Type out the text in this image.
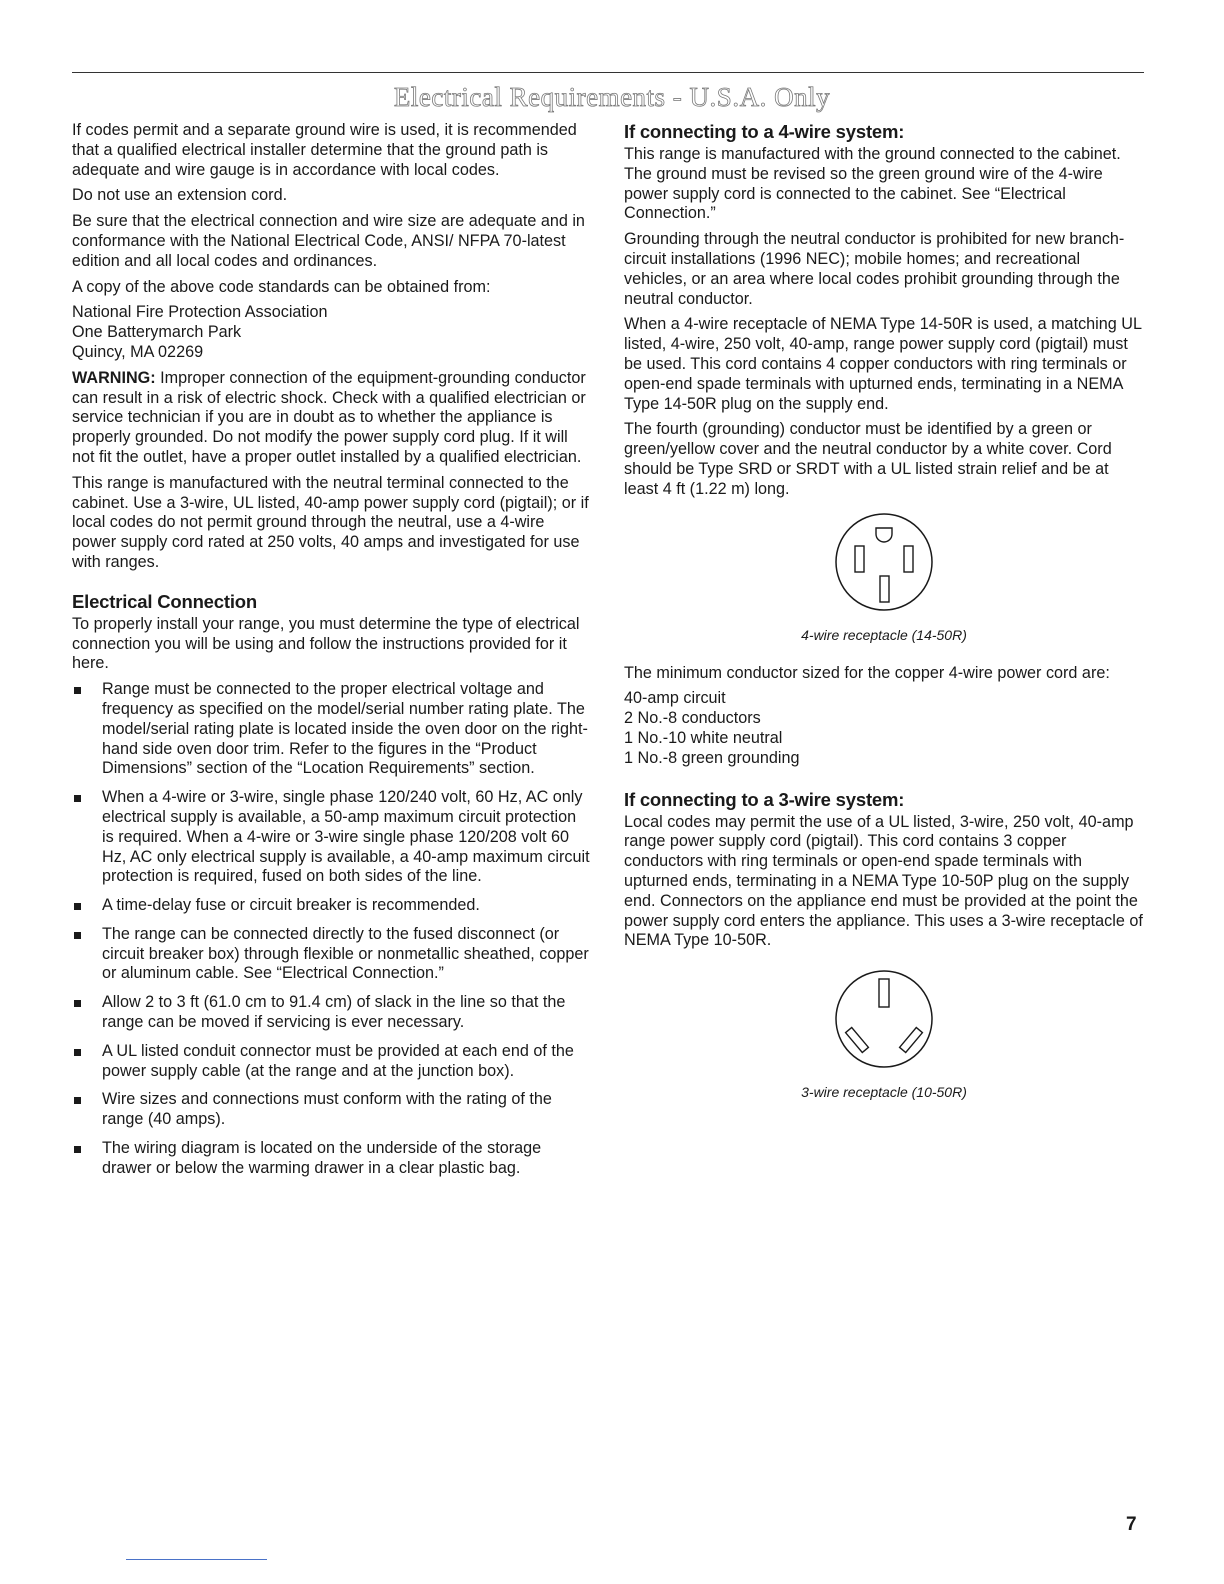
Electrical Requirements - U.S.A. Only

If codes permit and a separate ground wire is used, it is recommended that a qualified electrical installer determine that the ground path is adequate and wire gauge is in accordance with local codes.

Do not use an extension cord.

Be sure that the electrical connection and wire size are adequate and in conformance with the National Electrical Code, ANSI/ NFPA 70-latest edition and all local codes and ordinances.

A copy of the above code standards can be obtained from:

National Fire Protection Association
One Batterymarch Park
Quincy, MA 02269

WARNING: Improper connection of the equipment-grounding conductor can result in a risk of electric shock. Check with a qualified electrician or service technician if you are in doubt as to whether the appliance is properly grounded. Do not modify the power supply cord plug. If it will not fit the outlet, have a proper outlet installed by a qualified electrician.

This range is manufactured with the neutral terminal connected to the cabinet. Use a 3-wire, UL listed, 40-amp power supply cord (pigtail); or if local codes do not permit ground through the neutral, use a 4-wire power supply cord rated at 250 volts, 40 amps and investigated for use with ranges.

Electrical Connection

To properly install your range, you must determine the type of electrical connection you will be using and follow the instructions provided for it here.

Range must be connected to the proper electrical voltage and frequency as specified on the model/serial number rating plate. The model/serial rating plate is located inside the oven door on the right-hand side oven door trim. Refer to the figures in the “Product Dimensions” section of the “Location Requirements” section.
When a 4-wire or 3-wire, single phase 120/240 volt, 60 Hz, AC only electrical supply is available, a 50-amp maximum circuit protection is required. When a 4-wire or 3-wire single phase 120/208 volt 60 Hz, AC only electrical supply is available, a 40-amp maximum circuit protection is required, fused on both sides of the line.
A time-delay fuse or circuit breaker is recommended.
The range can be connected directly to the fused disconnect (or circuit breaker box) through flexible or nonmetallic sheathed, copper or aluminum cable. See “Electrical Connection.”
Allow 2 to 3 ft (61.0 cm to 91.4 cm) of slack in the line so that the range can be moved if servicing is ever necessary.
A UL listed conduit connector must be provided at each end of the power supply cable (at the range and at the junction box).
Wire sizes and connections must conform with the rating of the range (40 amps).
The wiring diagram is located on the underside of the storage drawer or below the warming drawer in a clear plastic bag.
If connecting to a 4-wire system:

This range is manufactured with the ground connected to the cabinet. The ground must be revised so the green ground wire of the 4-wire power supply cord is connected to the cabinet. See “Electrical Connection.”

Grounding through the neutral conductor is prohibited for new branch-circuit installations (1996 NEC); mobile homes; and recreational vehicles, or an area where local codes prohibit grounding through the neutral conductor.

When a 4-wire receptacle of NEMA Type 14-50R is used, a matching UL listed, 4-wire, 250 volt, 40-amp, range power supply cord (pigtail) must be used. This cord contains 4 copper conductors with ring terminals or open-end spade terminals with upturned ends, terminating in a NEMA Type 14-50R plug on the supply end.

The fourth (grounding) conductor must be identified by a green or green/yellow cover and the neutral conductor by a white cover. Cord should be Type SRD or SRDT with a UL listed strain relief and be at least 4 ft (1.22 m) long.

4-wire receptacle (14-50R)

The minimum conductor sized for the copper 4-wire power cord are:

40-amp circuit
2 No.-8 conductors
1 No.-10 white neutral
1 No.-8 green grounding
If connecting to a 3-wire system:

Local codes may permit the use of a UL listed, 3-wire, 250 volt, 40-amp range power supply cord (pigtail). This cord contains 3 copper conductors with ring terminals or open-end spade terminals with upturned ends, terminating in a NEMA Type 10-50P plug on the supply end. Connectors on the appliance end must be provided at the point the power supply cord enters the appliance. This uses a 3-wire receptacle of NEMA Type 10-50R.

3-wire receptacle (10-50R)
7
